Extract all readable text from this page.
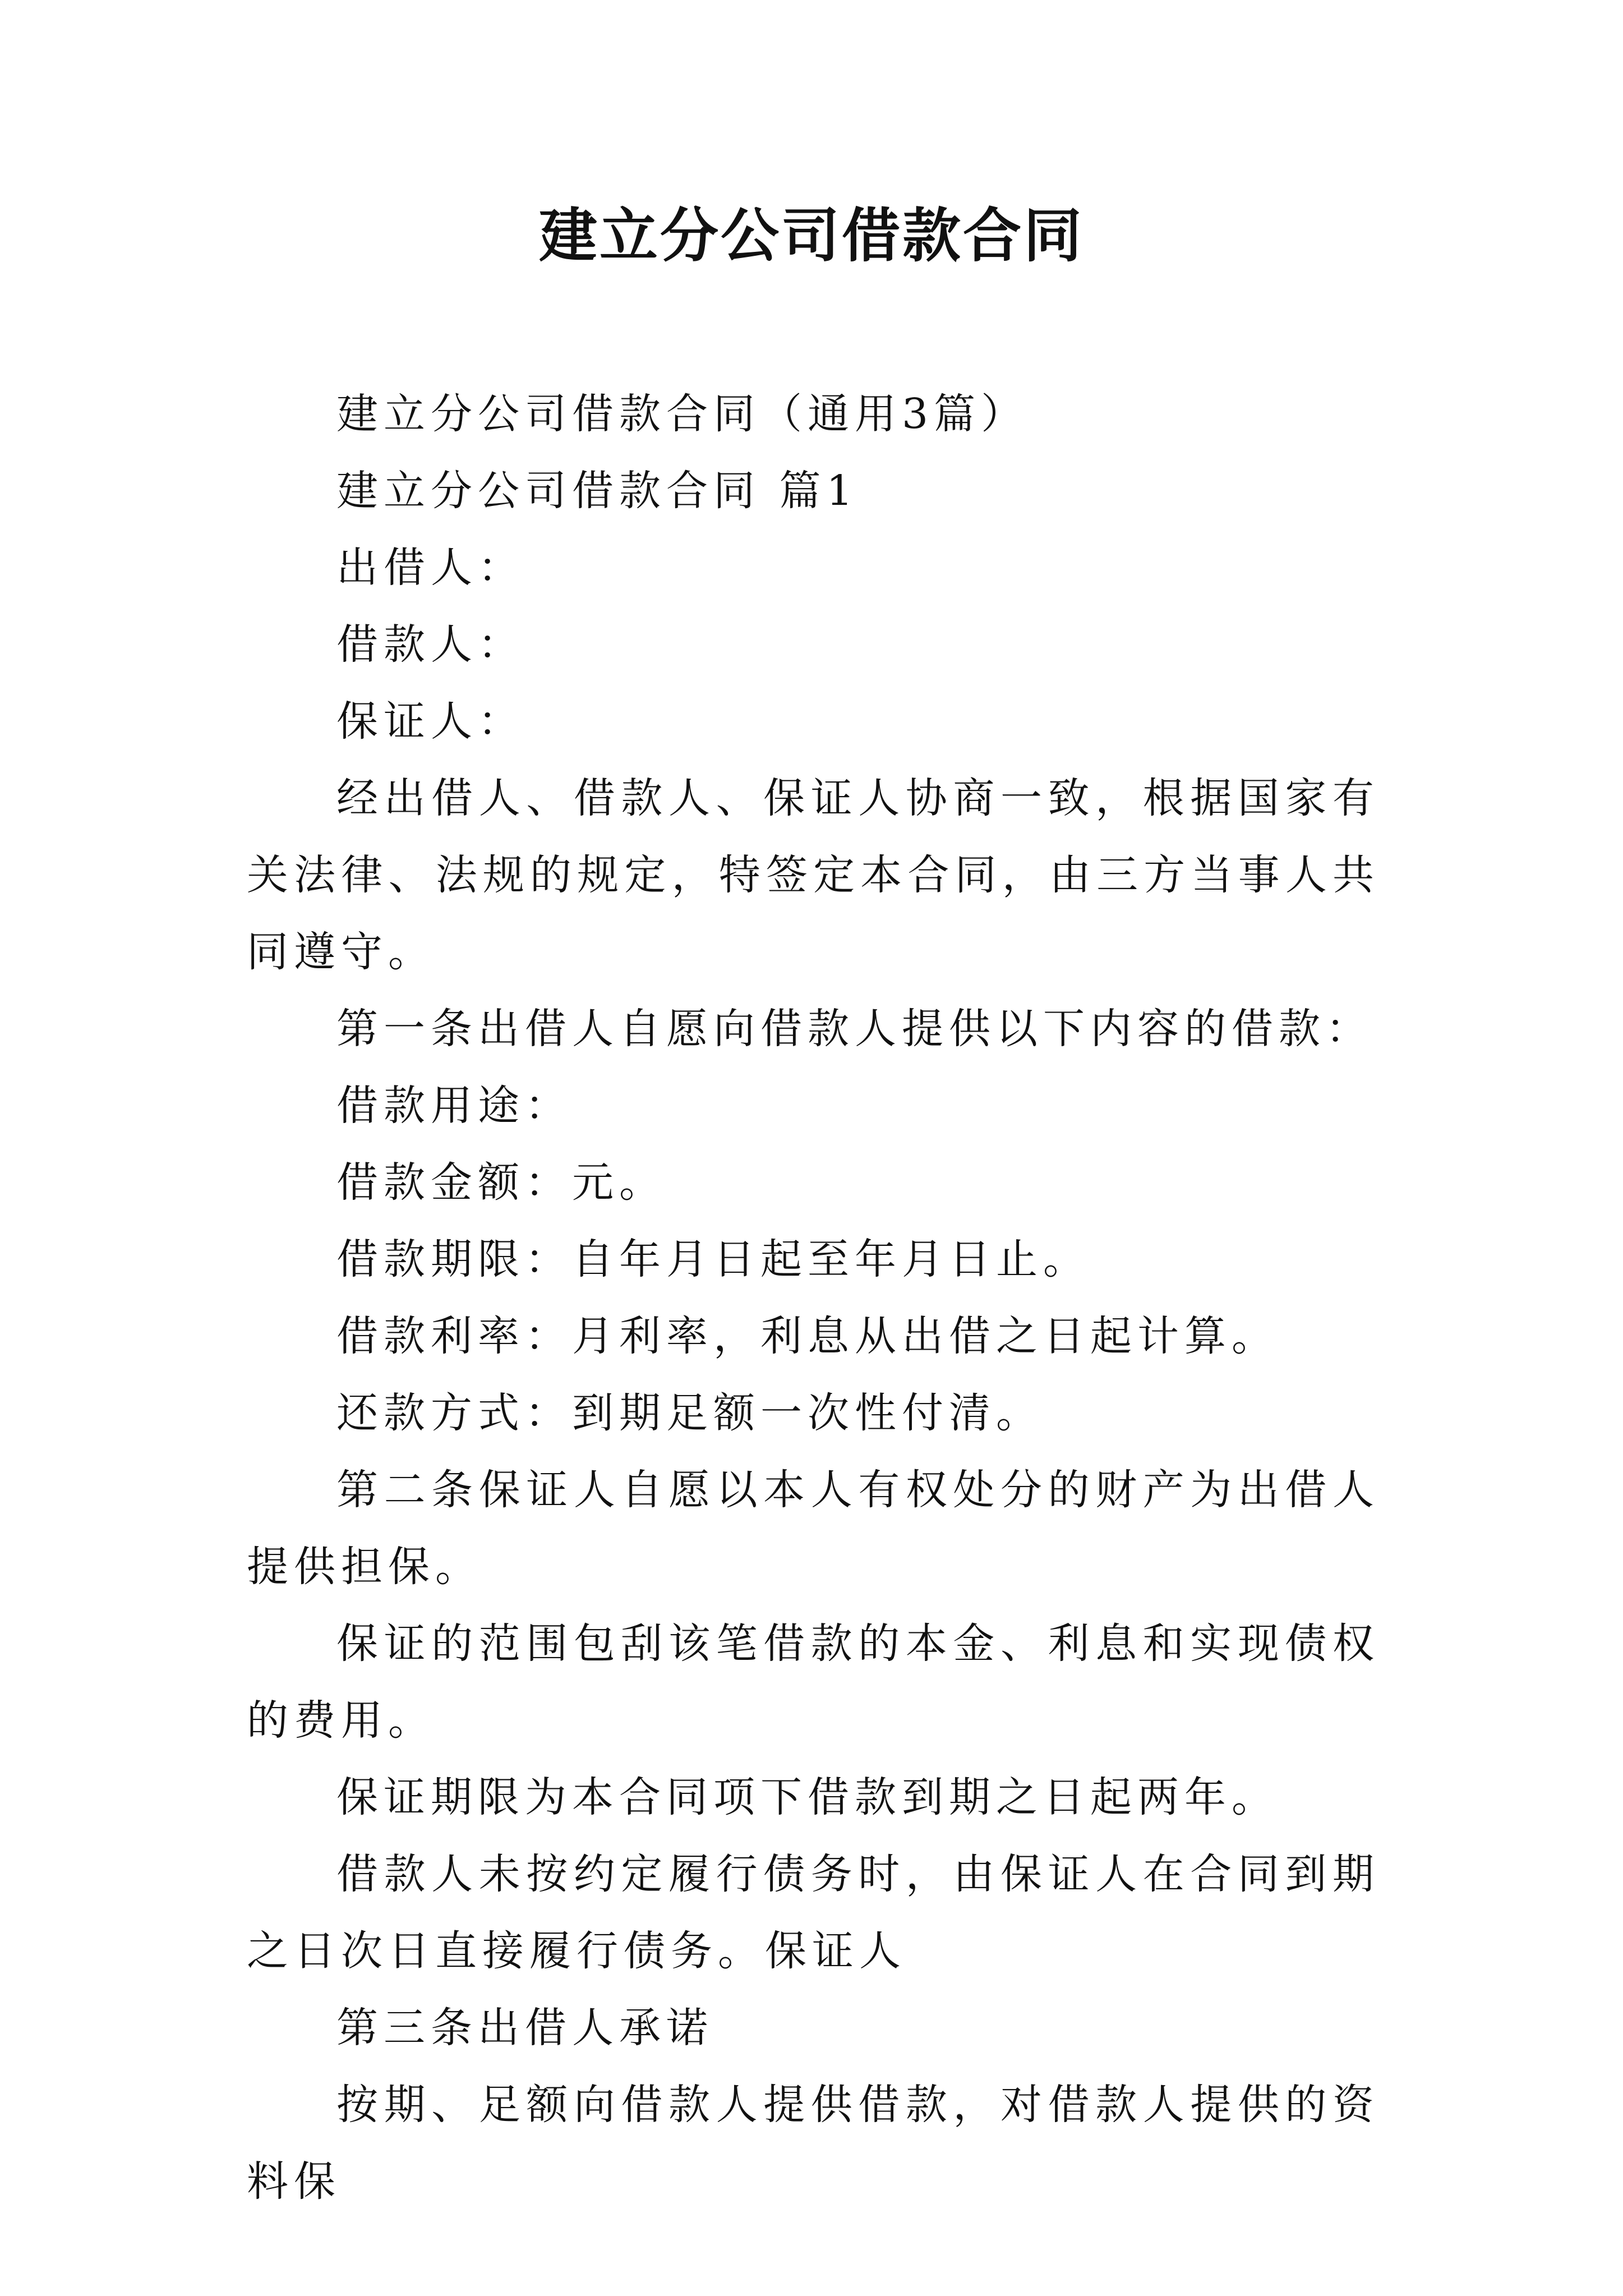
建立分公司借款合同

建立分公司借款合同（通用3篇）

建立分公司借款合同 篇1

出借人：

借款人：

保证人：

经出借人、借款人、保证人协商一致，根据国家有关法律、法规的规定，特签定本合同，由三方当事人共同遵守。

第一条出借人自愿向借款人提供以下内容的借款：

借款用途：

借款金额：元。

借款期限：自年月日起至年月日止。

借款利率：月利率，利息从出借之日起计算。

还款方式：到期足额一次性付清。

第二条保证人自愿以本人有权处分的财产为出借人提供担保。

保证的范围包刮该笔借款的本金、利息和实现债权的费用。

保证期限为本合同项下借款到期之日起两年。

借款人未按约定履行债务时，由保证人在合同到期之日次日直接履行债务。保证人

第三条出借人承诺

按期、足额向借款人提供借款，对借款人提供的资料保
